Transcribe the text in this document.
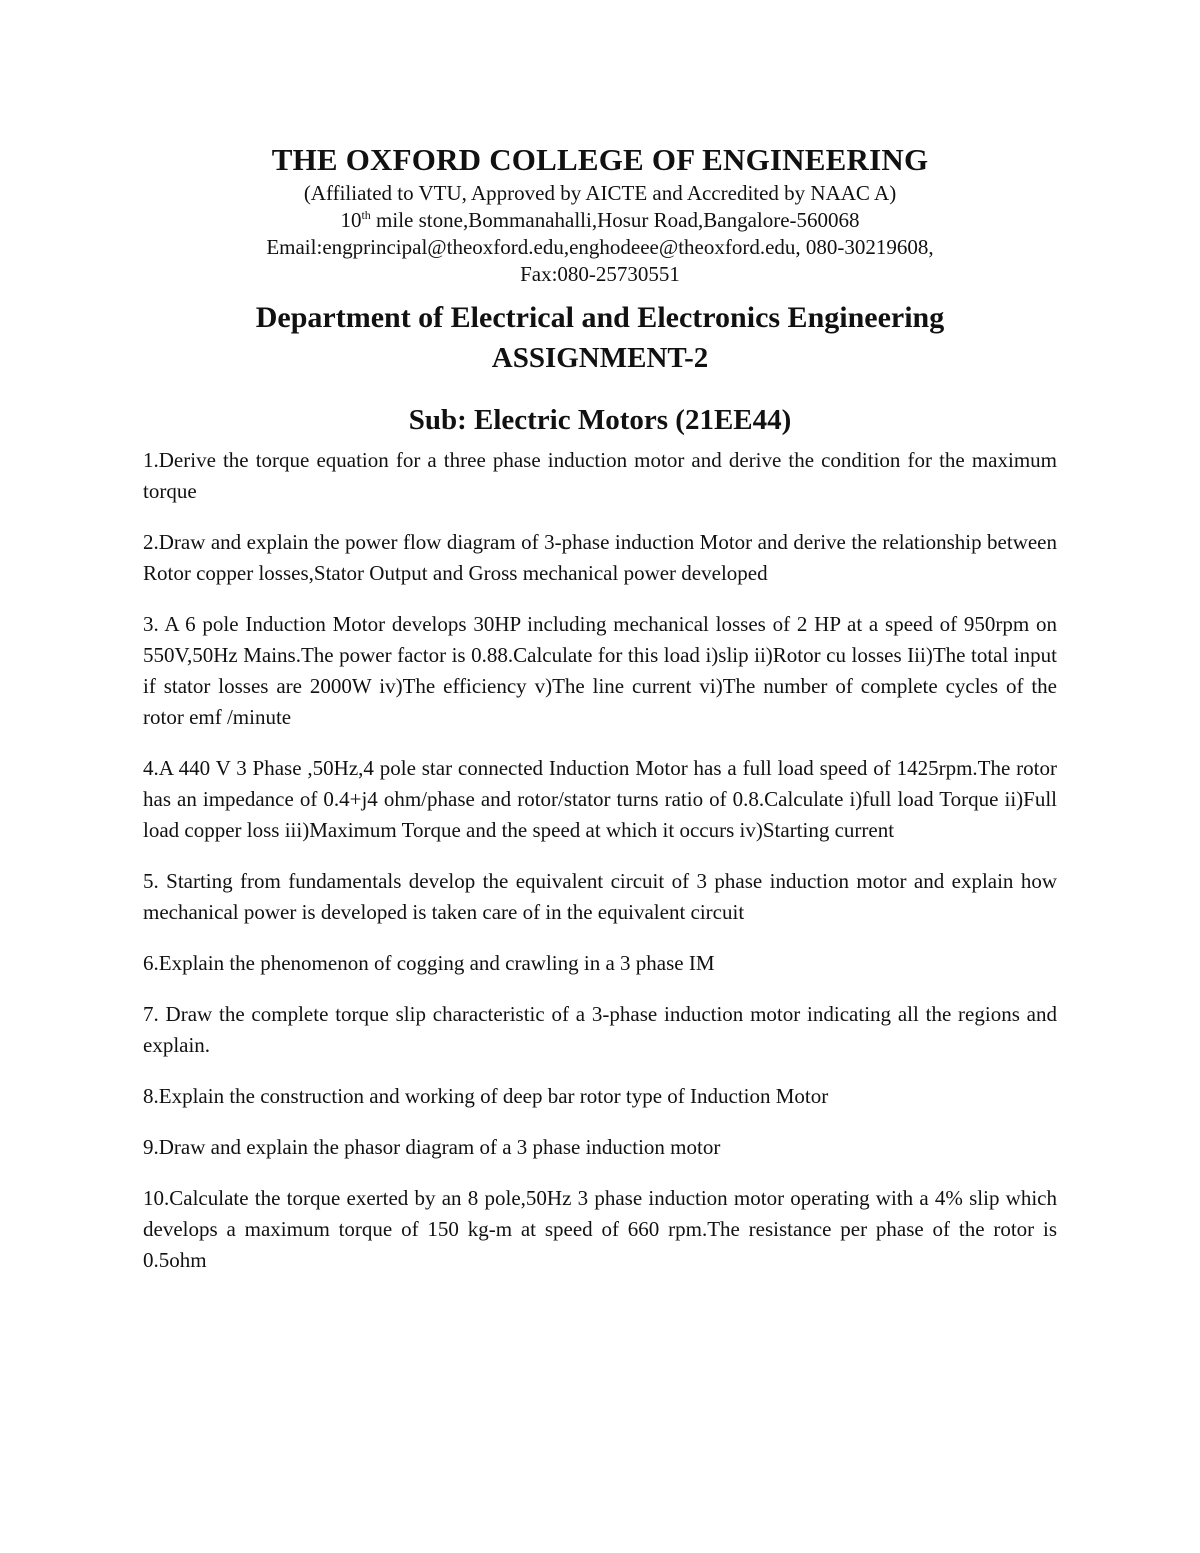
THE OXFORD COLLEGE OF ENGINEERING
(Affiliated to VTU, Approved by AICTE and Accredited by NAAC A)
10th mile stone,Bommanahalli,Hosur Road,Bangalore-560068
Email:engprincipal@theoxford.edu,enghodeee@theoxford.edu, 080-30219608,
Fax:080-25730551
Department of Electrical and Electronics Engineering
ASSIGNMENT-2
Sub: Electric Motors (21EE44)

1.Derive the torque equation for a three phase induction motor and derive the condition for the maximum torque

2.Draw and explain the power flow diagram of 3-phase induction Motor and derive the relationship between Rotor copper losses,Stator Output and Gross mechanical power developed

3. A 6 pole Induction Motor develops 30HP including mechanical losses of 2 HP at a speed of 950rpm on 550V,50Hz Mains.The power factor is 0.88.Calculate for this load i)slip ii)Rotor cu losses Iii)The total input if stator losses are 2000W iv)The efficiency v)The line current vi)The number of complete cycles of the rotor emf /minute

4.A 440 V 3 Phase ,50Hz,4 pole star connected Induction Motor has a full load speed of 1425rpm.The rotor has an impedance of 0.4+j4 ohm/phase and rotor/stator turns ratio of 0.8.Calculate i)full load Torque ii)Full load copper loss iii)Maximum Torque and the speed at which it occurs iv)Starting current

5. Starting from fundamentals develop the equivalent circuit of 3 phase induction motor and explain how mechanical power is developed is taken care of in the equivalent circuit

6.Explain the phenomenon of cogging and crawling in a 3 phase IM

7. Draw the complete torque slip characteristic of a 3-phase induction motor indicating all the regions and explain.

8.Explain the construction and working of deep bar rotor type of Induction Motor

9.Draw and explain the phasor diagram of a 3 phase induction motor

10.Calculate the torque exerted by an 8 pole,50Hz 3 phase induction motor operating with a 4% slip which develops a maximum torque of 150 kg-m at speed of 660 rpm.The resistance per phase of the rotor is 0.5ohm
